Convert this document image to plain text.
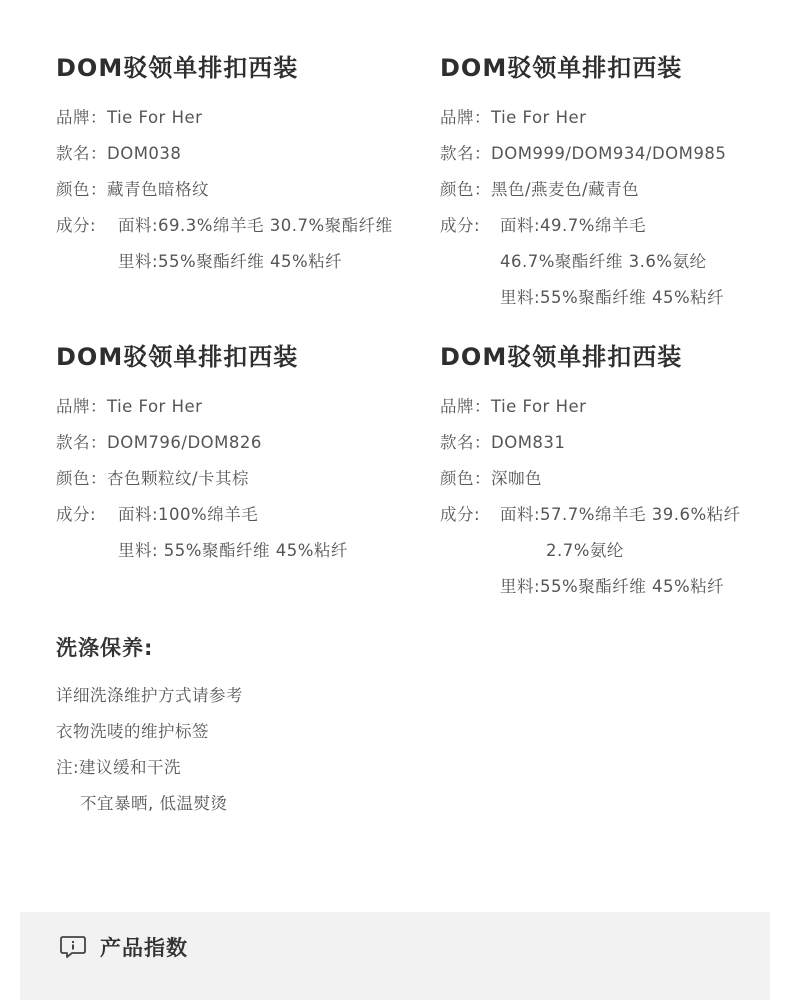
DOM驳领单排扣西装
品牌： Tie For Her
款名： DOM038
颜色： 藏青色暗格纹
成分:	面料:69.3%绵羊毛 30.7%聚酯纤维
里料:55%聚酯纤维 45%粘纤
DOM驳领单排扣西装
品牌： Tie For Her
款名： DOM999/DOM934/DOM985
颜色： 黑色/燕麦色/藏青色
成分:	面料:49.7%绵羊毛
46.7%聚酯纤维 3.6%氨纶
里料:55%聚酯纤维 45%粘纤
DOM驳领单排扣西装
品牌： Tie For Her
款名： DOM796/DOM826
颜色： 杏色颗粒纹/卡其棕
成分:	面料:100%绵羊毛
里料: 55%聚酯纤维 45%粘纤
DOM驳领单排扣西装
品牌： Tie For Her
款名： DOM831
颜色： 深咖色
成分:	面料:57.7%绵羊毛 39.6%粘纤
2.7%氨纶
里料:55%聚酯纤维 45%粘纤
洗涤保养:
详细洗涤维护方式请参考
衣物洗唛的维护标签
注:建议缓和干洗
不宜暴晒, 低温熨烫
产品指数
